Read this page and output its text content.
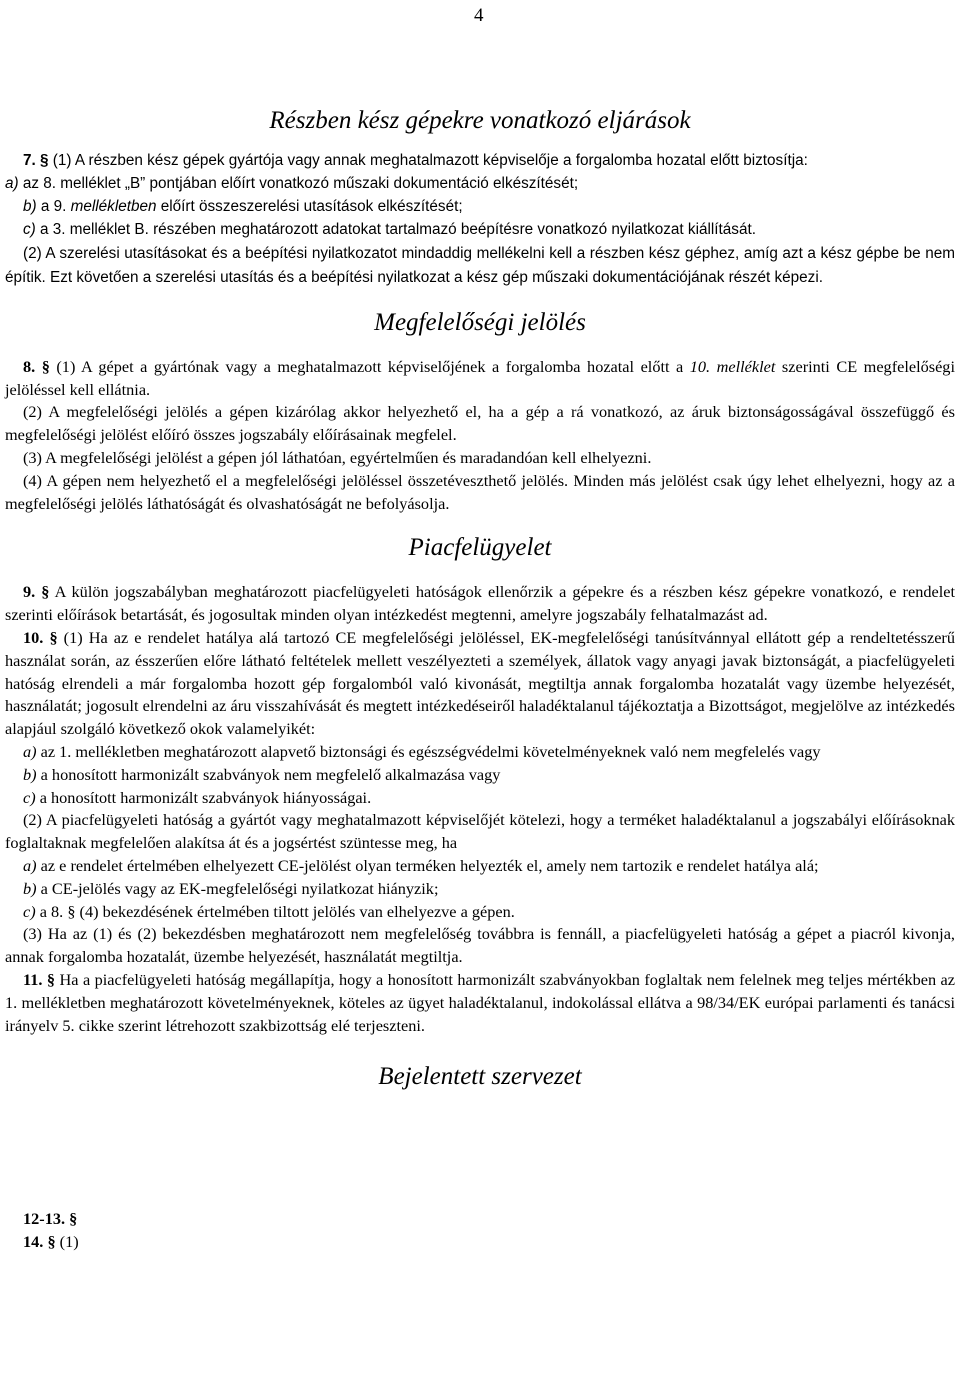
4
Részben kész gépekre vonatkozó eljárások

7. § (1) A részben kész gépek gyártója vagy annak meghatalmazott képviselője a forgalomba hozatal előtt biztosítja:

a) az 8. melléklet „B” pontjában előírt vonatkozó műszaki dokumentáció elkészítését;

b) a 9. mellékletben előírt összeszerelési utasítások elkészítését;

c) a 3. melléklet B. részében meghatározott adatokat tartalmazó beépítésre vonatkozó nyilatkozat kiállítását.

(2) A szerelési utasításokat és a beépítési nyilatkozatot mindaddig mellékelni kell a részben kész géphez, amíg azt a kész gépbe be nem építik. Ezt követően a szerelési utasítás és a beépítési nyilatkozat a kész gép műszaki dokumentációjának részét képezi.

Megfelelőségi jelölés

8. § (1) A gépet a gyártónak vagy a meghatalmazott képviselőjének a forgalomba hozatal előtt a 10. melléklet szerinti CE megfelelőségi jelöléssel kell ellátnia.

(2) A megfelelőségi jelölés a gépen kizárólag akkor helyezhető el, ha a gép a rá vonatkozó, az áruk biztonságosságával összefüggő és megfelelőségi jelölést előíró összes jogszabály előírásainak megfelel.

(3) A megfelelőségi jelölést a gépen jól láthatóan, egyértelműen és maradandóan kell elhelyezni.

(4) A gépen nem helyezhető el a megfelelőségi jelöléssel összetéveszthető jelölés. Minden más jelölést csak úgy lehet elhelyezni, hogy az a megfelelőségi jelölés láthatóságát és olvashatóságát ne befolyásolja.

Piacfelügyelet

9. § A külön jogszabályban meghatározott piacfelügyeleti hatóságok ellenőrzik a gépekre és a részben kész gépekre vonatkozó, e rendelet szerinti előírások betartását, és jogosultak minden olyan intézkedést megtenni, amelyre jogszabály felhatalmazást ad.

10. § (1) Ha az e rendelet hatálya alá tartozó CE megfelelőségi jelöléssel, EK-megfelelőségi tanúsítvánnyal ellátott gép a rendeltetésszerű használat során, az ésszerűen előre látható feltételek mellett veszélyezteti a személyek, állatok vagy anyagi javak biztonságát, a piacfelügyeleti hatóság elrendeli a már forgalomba hozott gép forgalomból való kivonását, megtiltja annak forgalomba hozatalát vagy üzembe helyezését, használatát; jogosult elrendelni az áru visszahívását és megtett intézkedéseiről haladéktalanul tájékoztatja a Bizottságot, megjelölve az intézkedés alapjául szolgáló következő okok valamelyikét:

a) az 1. mellékletben meghatározott alapvető biztonsági és egészségvédelmi követelményeknek való nem megfelelés vagy

b) a honosított harmonizált szabványok nem megfelelő alkalmazása vagy

c) a honosított harmonizált szabványok hiányosságai.

(2) A piacfelügyeleti hatóság a gyártót vagy meghatalmazott képviselőjét kötelezi, hogy a terméket haladéktalanul a jogszabályi előírásoknak foglaltaknak megfelelően alakítsa át és a jogsértést szüntesse meg, ha

a) az e rendelet értelmében elhelyezett CE-jelölést olyan terméken helyezték el, amely nem tartozik e rendelet hatálya alá;

b) a CE-jelölés vagy az EK-megfelelőségi nyilatkozat hiányzik;

c) a 8. § (4) bekezdésének értelmében tiltott jelölés van elhelyezve a gépen.

(3) Ha az (1) és (2) bekezdésben meghatározott nem megfelelőség továbbra is fennáll, a piacfelügyeleti hatóság a gépet a piacról kivonja, annak forgalomba hozatalát, üzembe helyezését, használatát megtiltja.

11. § Ha a piacfelügyeleti hatóság megállapítja, hogy a honosított harmonizált szabványokban foglaltak nem felelnek meg teljes mértékben az 1. mellékletben meghatározott követelményeknek, köteles az ügyet haladéktalanul, indokolással ellátva a 98/34/EK európai parlamenti és tanácsi irányelv 5. cikke szerint létrehozott szakbizottság elé terjeszteni.

Bejelentett szervezet

12-13. §

14. § (1)
